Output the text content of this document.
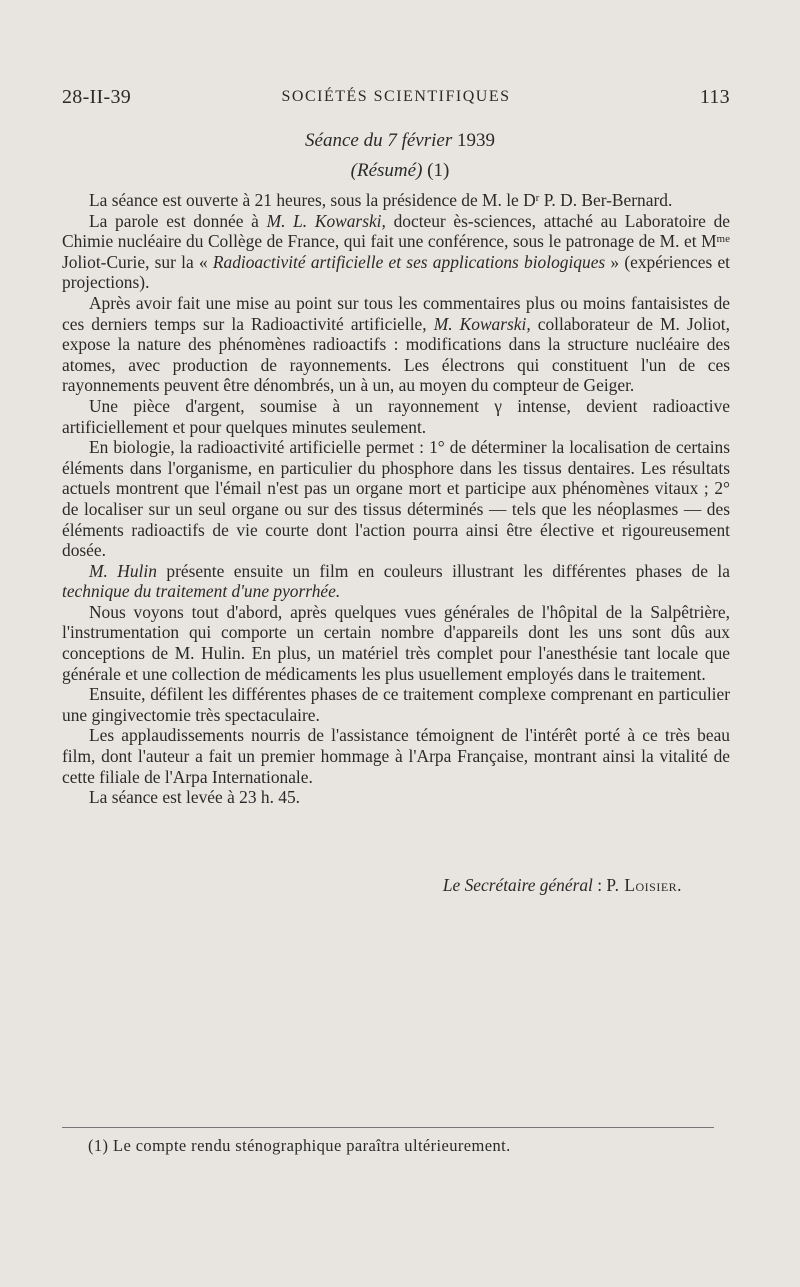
28-II-39	SOCIÉTÉS SCIENTIFIQUES	113
Séance du 7 février 1939
(Résumé) (1)

La séance est ouverte à 21 heures, sous la présidence de M. le $D^r$ P. D. Ber-Bernard.

La parole est donnée à M. L. Kowarski, docteur ès-sciences, attaché au Laboratoire de Chimie nucléaire du Collège de France, qui fait une conférence, sous le patronage de M. et $M^{me}$ Joliot-Curie, sur la « Radioactivité artificielle et ses applications biologiques » (expériences et projections).

Après avoir fait une mise au point sur tous les commentaires plus ou moins fantaisistes de ces derniers temps sur la Radioactivité artificielle, M. Kowarski, collaborateur de M. Joliot, expose la nature des phénomènes radioactifs : modifications dans la structure nucléaire des atomes, avec production de rayonnements. Les électrons qui constituent l'un de ces rayonnements peuvent être dénombrés, un à un, au moyen du compteur de Geiger.

Une pièce d'argent, soumise à un rayonnement γ intense, devient radioactive artificiellement et pour quelques minutes seulement.

En biologie, la radioactivité artificielle permet : 1° de déterminer la localisation de certains éléments dans l'organisme, en particulier du phosphore dans les tissus dentaires. Les résultats actuels montrent que l'émail n'est pas un organe mort et participe aux phénomènes vitaux ; 2° de localiser sur un seul organe ou sur des tissus déterminés — tels que les néoplasmes — des éléments radioactifs de vie courte dont l'action pourra ainsi être élective et rigoureusement dosée.

M. Hulin présente ensuite un film en couleurs illustrant les différentes phases de la technique du traitement d'une pyorrhée.

Nous voyons tout d'abord, après quelques vues générales de l'hôpital de la Salpêtrière, l'instrumentation qui comporte un certain nombre d'appareils dont les uns sont dûs aux conceptions de M. Hulin. En plus, un matériel très complet pour l'anesthésie tant locale que générale et une collection de médicaments les plus usuellement employés dans le traitement.

Ensuite, défilent les différentes phases de ce traitement complexe comprenant en particulier une gingivectomie très spectaculaire.

Les applaudissements nourris de l'assistance témoignent de l'intérêt porté à ce très beau film, dont l'auteur a fait un premier hommage à l'Arpa Française, montrant ainsi la vitalité de cette filiale de l'Arpa Internationale.

La séance est levée à 23 h. 45.

Le Secrétaire général : P. Loisier.
(1) Le compte rendu sténographique paraîtra ultérieurement.
